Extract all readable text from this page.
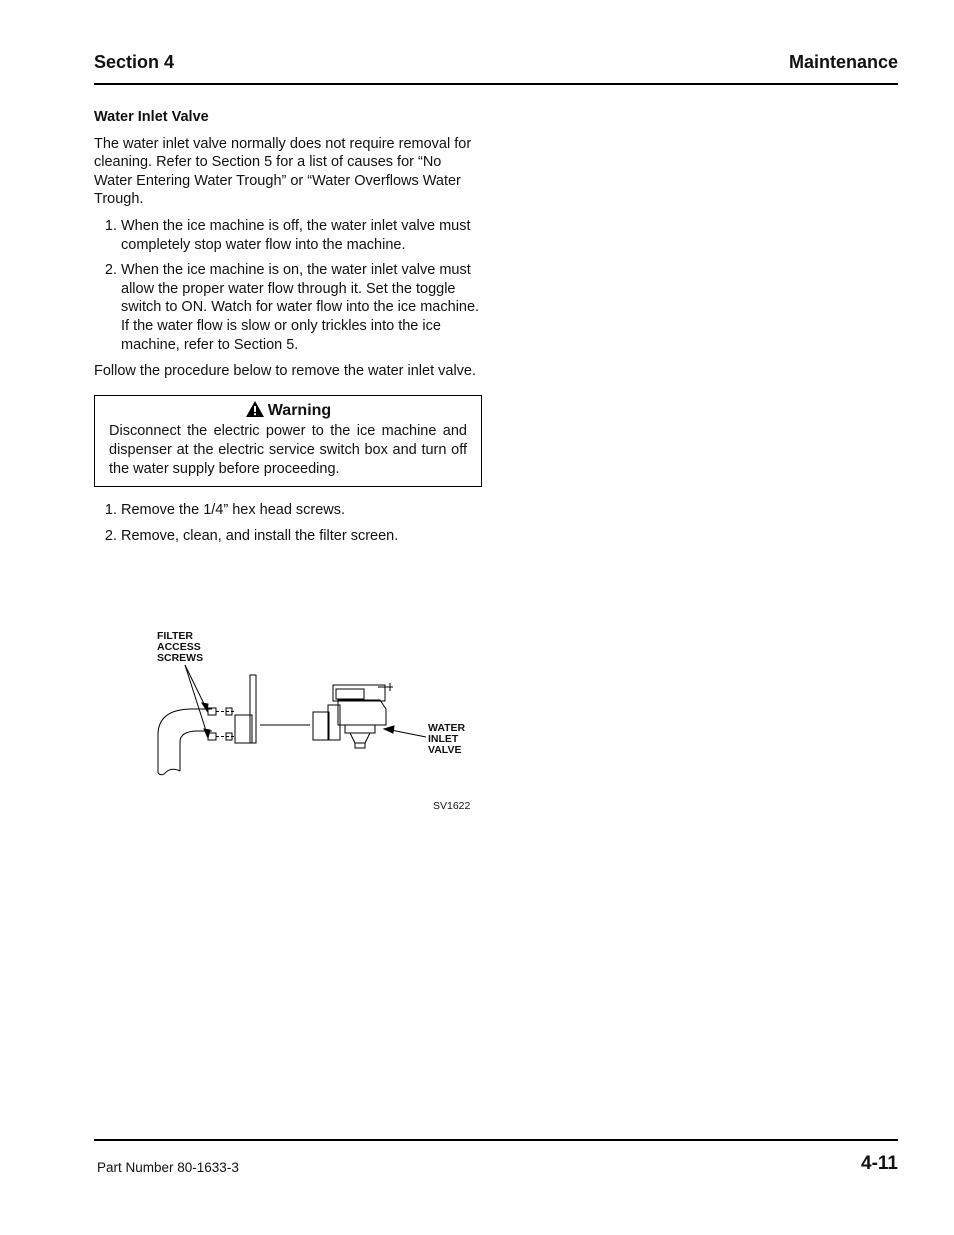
Section 4	Maintenance
Water Inlet Valve

The water inlet valve normally does not require removal for cleaning. Refer to Section 5 for a list of causes for “No Water Entering Water Trough” or “Water Overflows Water Trough.

1. When the ice machine is off, the water inlet valve must completely stop water flow into the machine.
2. When the ice machine is on, the water inlet valve must allow the proper water flow through it. Set the toggle switch to ON. Watch for water flow into the ice machine. If the water flow is slow or only trickles into the ice machine, refer to Section 5.

Follow the procedure below to remove the water inlet valve.

Warning
Disconnect the electric power to the ice machine and dispenser at the electric service switch box and turn off the water supply before proceeding.
1. Remove the 1/4” hex head screws.
2. Remove, clean, and install the filter screen.
FILTER
ACCESS
SCREWS
WATER
INLET
VALVE
SV1622
Part Number 80-1633-3	4-11
